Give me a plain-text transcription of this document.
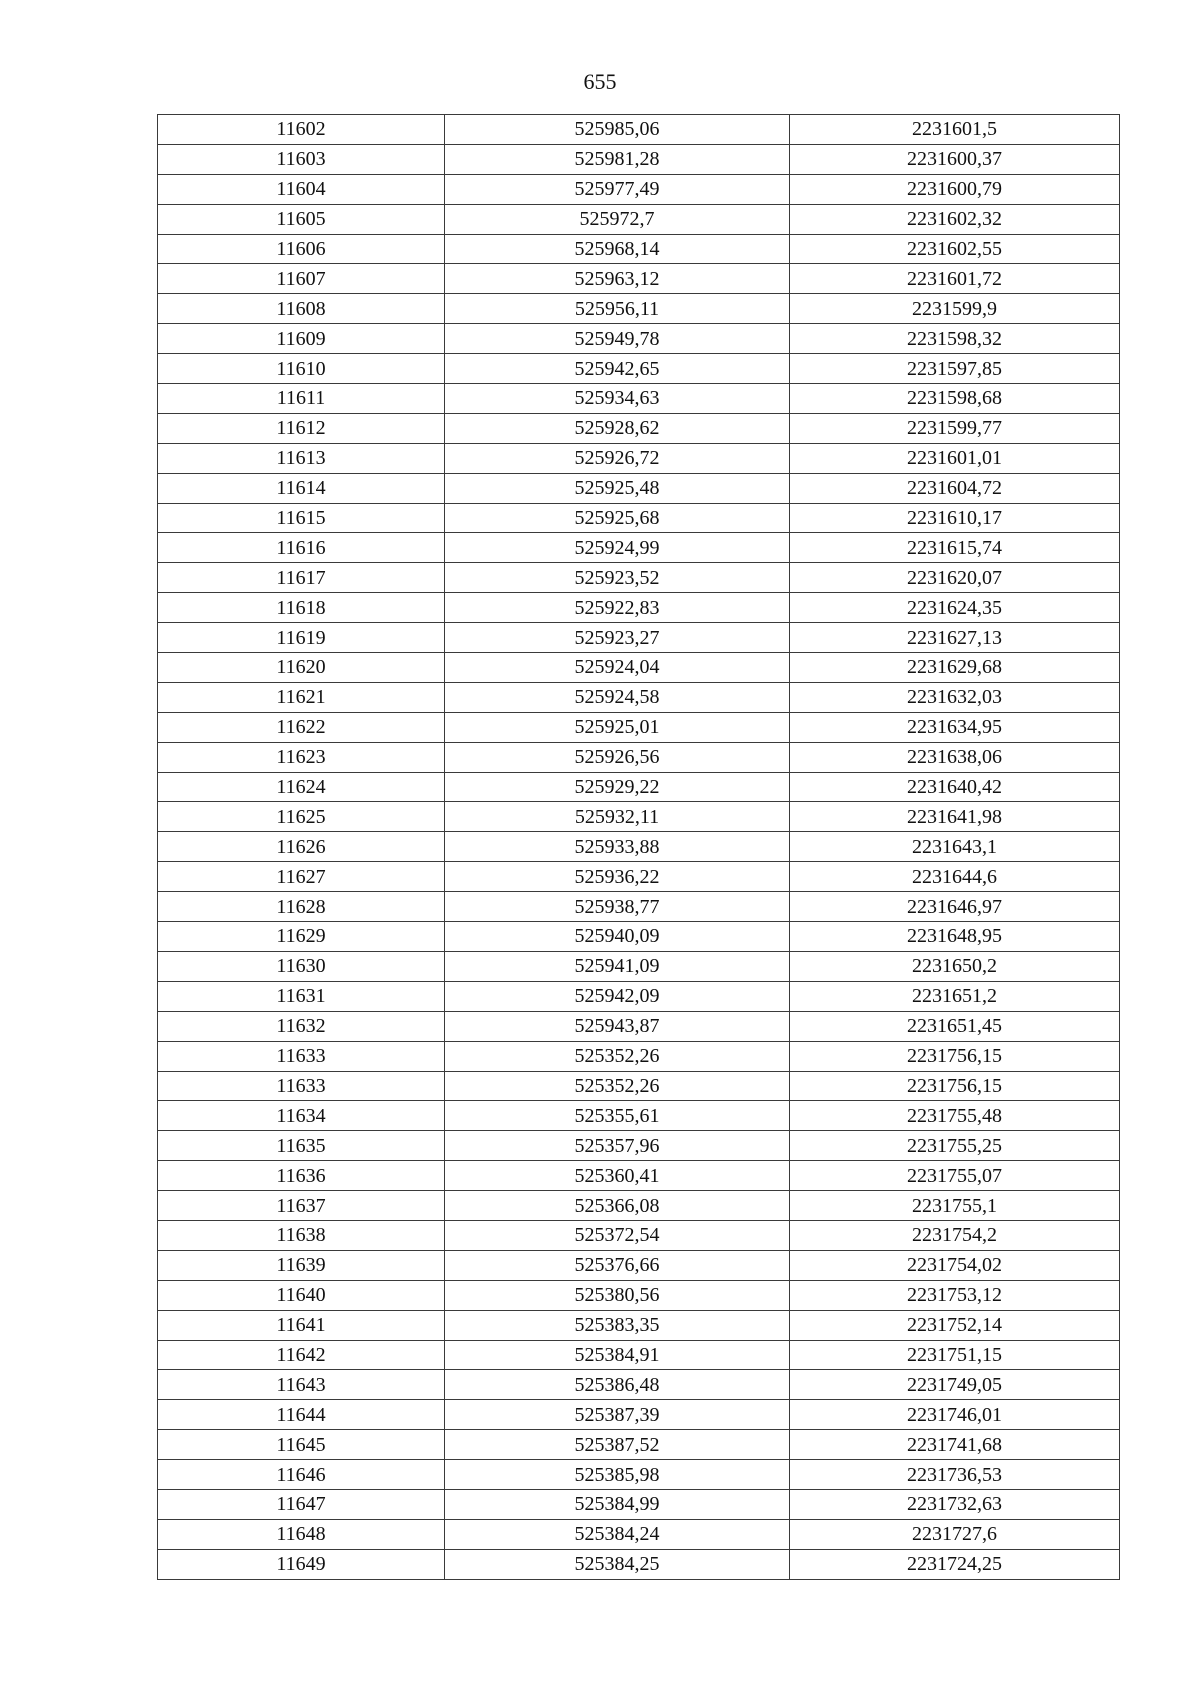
655
11602	525985,06	2231601,5
11603	525981,28	2231600,37
11604	525977,49	2231600,79
11605	525972,7	2231602,32
11606	525968,14	2231602,55
11607	525963,12	2231601,72
11608	525956,11	2231599,9
11609	525949,78	2231598,32
11610	525942,65	2231597,85
11611	525934,63	2231598,68
11612	525928,62	2231599,77
11613	525926,72	2231601,01
11614	525925,48	2231604,72
11615	525925,68	2231610,17
11616	525924,99	2231615,74
11617	525923,52	2231620,07
11618	525922,83	2231624,35
11619	525923,27	2231627,13
11620	525924,04	2231629,68
11621	525924,58	2231632,03
11622	525925,01	2231634,95
11623	525926,56	2231638,06
11624	525929,22	2231640,42
11625	525932,11	2231641,98
11626	525933,88	2231643,1
11627	525936,22	2231644,6
11628	525938,77	2231646,97
11629	525940,09	2231648,95
11630	525941,09	2231650,2
11631	525942,09	2231651,2
11632	525943,87	2231651,45
11633	525352,26	2231756,15
11633	525352,26	2231756,15
11634	525355,61	2231755,48
11635	525357,96	2231755,25
11636	525360,41	2231755,07
11637	525366,08	2231755,1
11638	525372,54	2231754,2
11639	525376,66	2231754,02
11640	525380,56	2231753,12
11641	525383,35	2231752,14
11642	525384,91	2231751,15
11643	525386,48	2231749,05
11644	525387,39	2231746,01
11645	525387,52	2231741,68
11646	525385,98	2231736,53
11647	525384,99	2231732,63
11648	525384,24	2231727,6
11649	525384,25	2231724,25
